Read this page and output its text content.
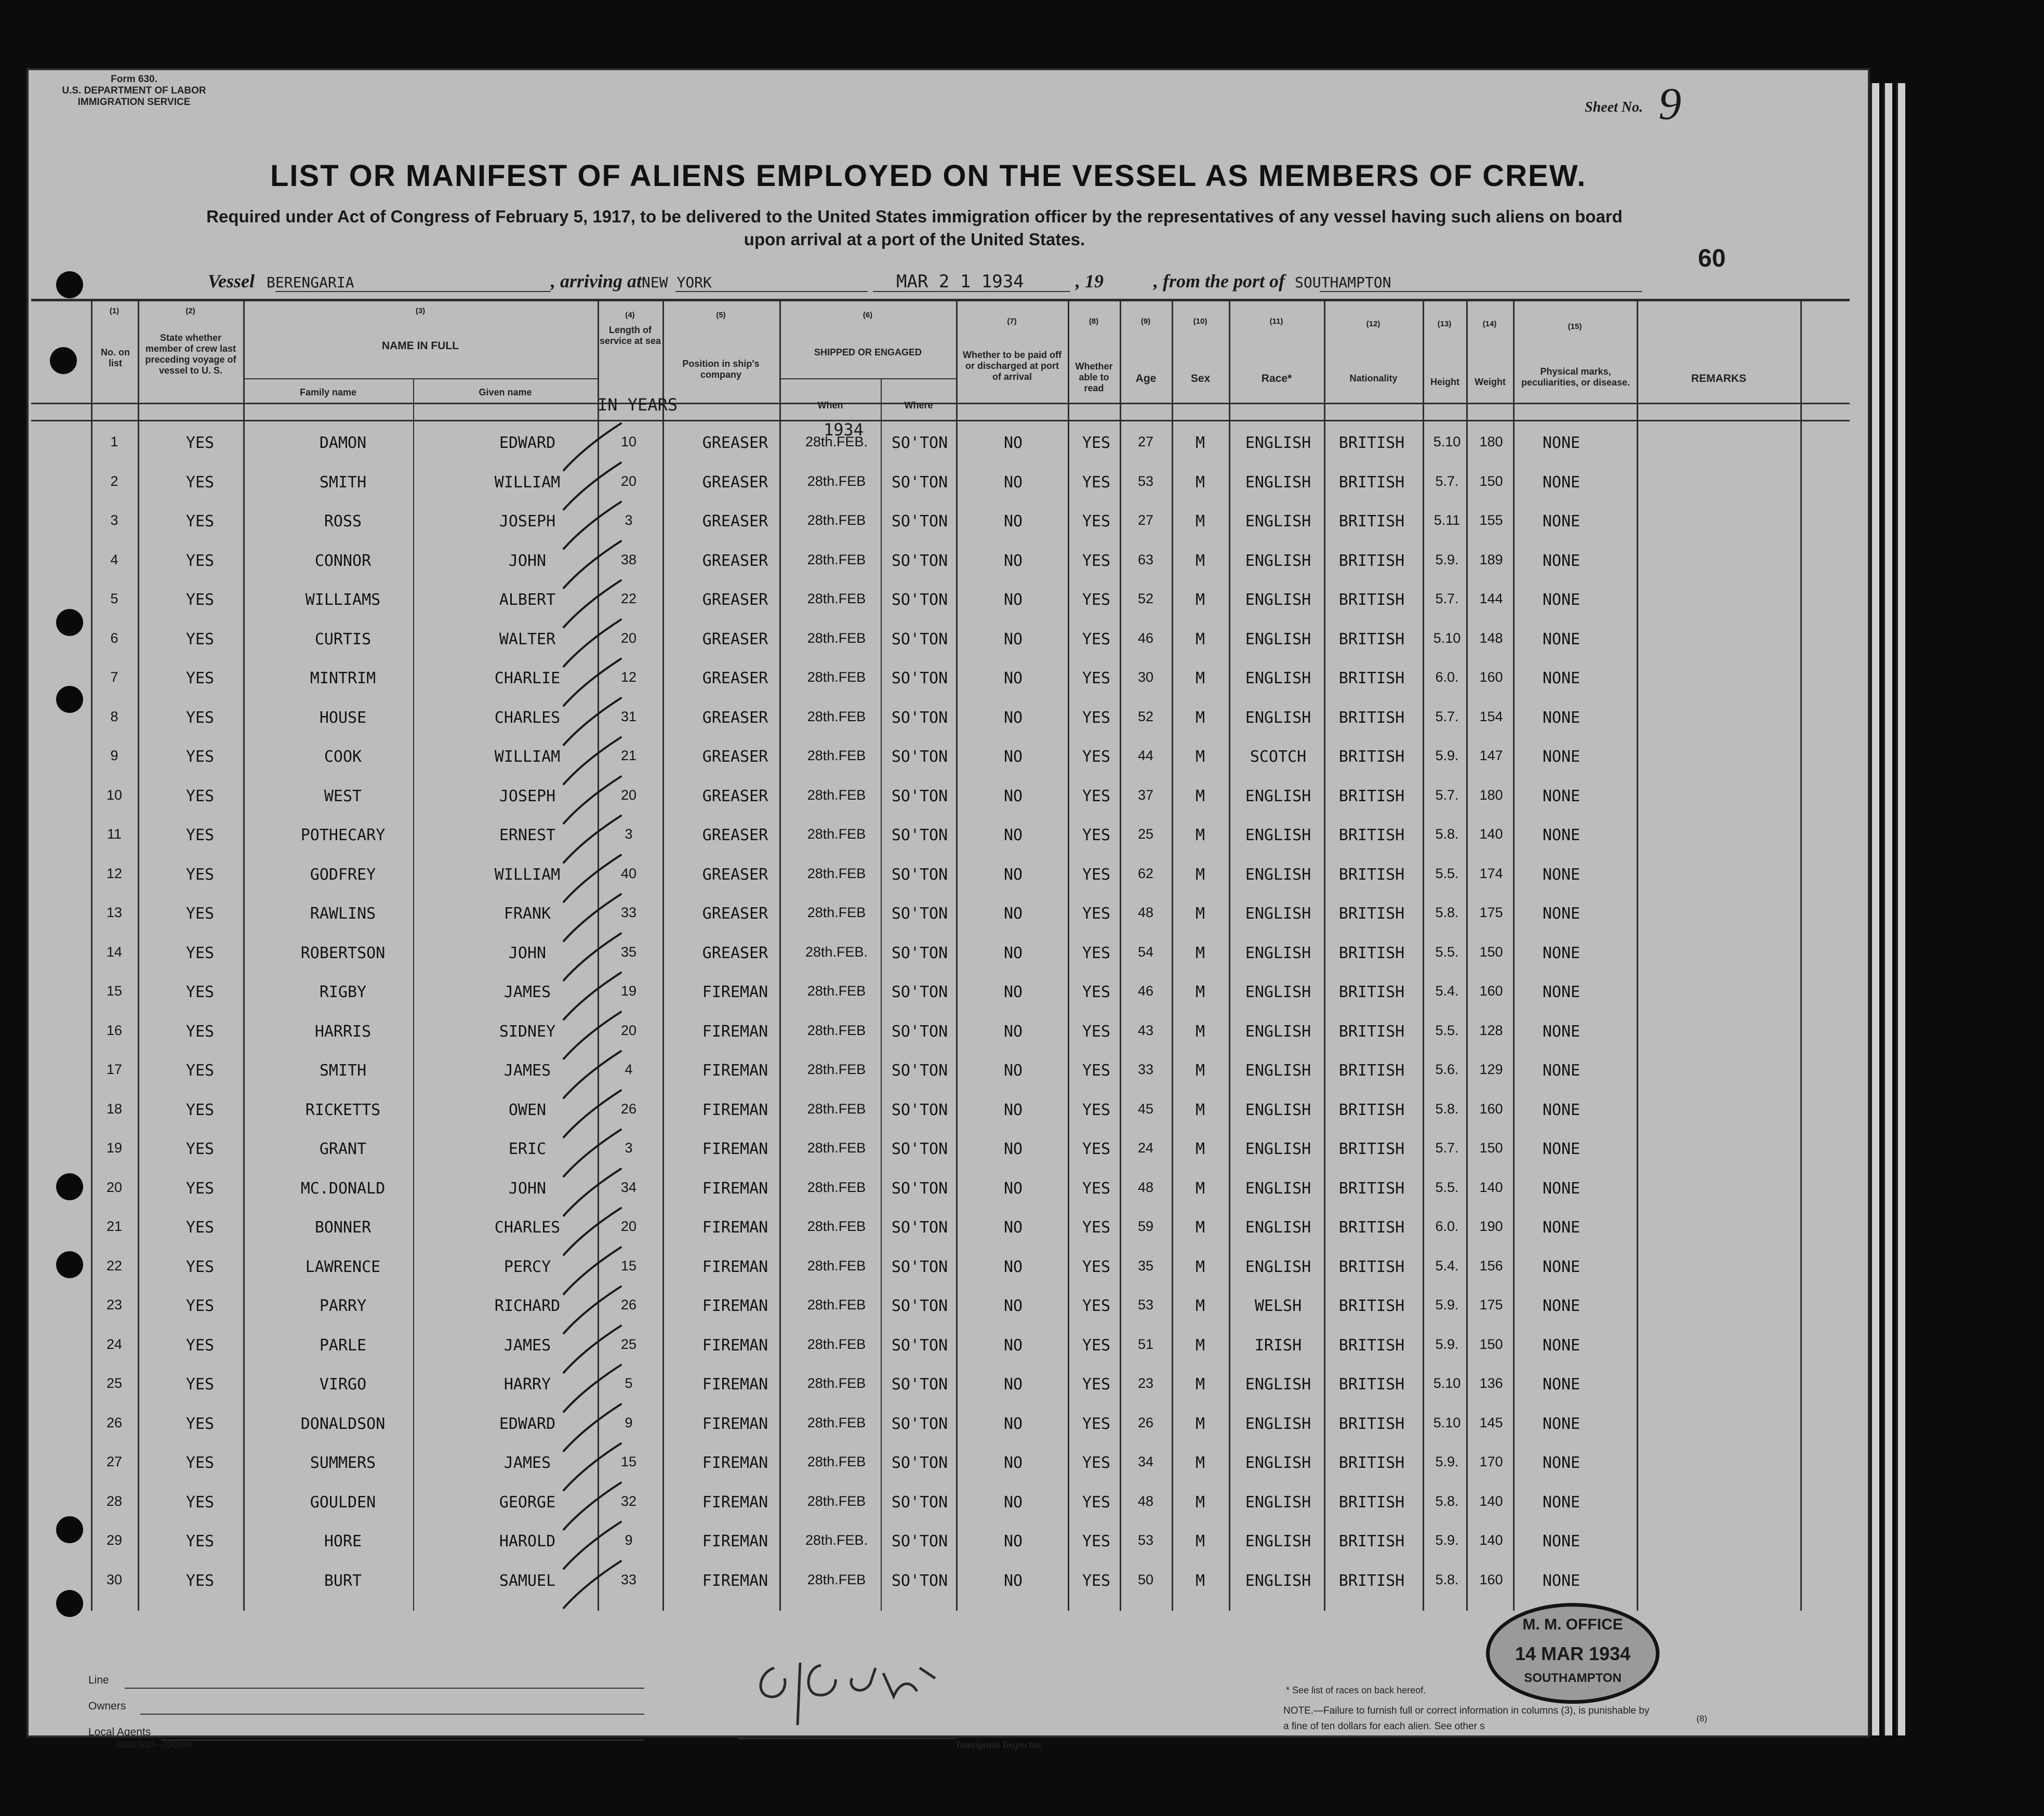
Form 630.
U.S. DEPARTMENT OF LABOR
IMMIGRATION SERVICE	Sheet No. 9
60
LIST OR MANIFEST OF ALIENS EMPLOYED ON THE VESSEL AS MEMBERS OF CREW.
Required under Act of Congress of February 5, 1917, to be delivered to the United States immigration officer by the representatives of any vessel having such aliens on board upon arrival at a port of the United States.
Vessel BERENGARIA	, arriving atNEW YORK	MAR 2 1 1934	, 19	, from the port of SOUTHAMPTON
(1)	(2)	(3)	(4)	(5)	(6)
(7)	(8)	(9)	(10)	(11)	(12)	(13)	(14)	(15)
No. on list
State whether member of crew last preceding voyage of vessel to U. S.
NAME IN FULL
Family name	Given name
Length of service at sea
Position in ship's company
SHIPPED OR ENGAGED
When	Where
Whether to be paid off or discharged at port of arrival
Whether able to read
Age	Sex	Race*	Nationality	Height	Weight
Physical marks, peculiarities, or disease.	REMARKS
IN YEARS
1934
1	YES	DAMON	EDWARD	10	GREASER	28th.FEB.	SO'TON	NO	YES	27	M	ENGLISH	BRITISH	5.10	180	NONE
2	YES	SMITH	WILLIAM	20	GREASER	28th.FEB	SO'TON	NO	YES	53	M	ENGLISH	BRITISH	5.7.	150	NONE
3	YES	ROSS	JOSEPH	3	GREASER	28th.FEB	SO'TON	NO	YES	27	M	ENGLISH	BRITISH	5.11	155	NONE
4	YES	CONNOR	JOHN	38	GREASER	28th.FEB	SO'TON	NO	YES	63	M	ENGLISH	BRITISH	5.9.	189	NONE
5	YES	WILLIAMS	ALBERT	22	GREASER	28th.FEB	SO'TON	NO	YES	52	M	ENGLISH	BRITISH	5.7.	144	NONE
6	YES	CURTIS	WALTER	20	GREASER	28th.FEB	SO'TON	NO	YES	46	M	ENGLISH	BRITISH	5.10	148	NONE
7	YES	MINTRIM	CHARLIE	12	GREASER	28th.FEB	SO'TON	NO	YES	30	M	ENGLISH	BRITISH	6.0.	160	NONE
8	YES	HOUSE	CHARLES	31	GREASER	28th.FEB	SO'TON	NO	YES	52	M	ENGLISH	BRITISH	5.7.	154	NONE
9	YES	COOK	WILLIAM	21	GREASER	28th.FEB	SO'TON	NO	YES	44	M	SCOTCH	BRITISH	5.9.	147	NONE
10	YES	WEST	JOSEPH	20	GREASER	28th.FEB	SO'TON	NO	YES	37	M	ENGLISH	BRITISH	5.7.	180	NONE
11	YES	POTHECARY	ERNEST	3	GREASER	28th.FEB	SO'TON	NO	YES	25	M	ENGLISH	BRITISH	5.8.	140	NONE
12	YES	GODFREY	WILLIAM	40	GREASER	28th.FEB	SO'TON	NO	YES	62	M	ENGLISH	BRITISH	5.5.	174	NONE
13	YES	RAWLINS	FRANK	33	GREASER	28th.FEB	SO'TON	NO	YES	48	M	ENGLISH	BRITISH	5.8.	175	NONE
14	YES	ROBERTSON	JOHN	35	GREASER	28th.FEB.	SO'TON	NO	YES	54	M	ENGLISH	BRITISH	5.5.	150	NONE
15	YES	RIGBY	JAMES	19	FIREMAN	28th.FEB	SO'TON	NO	YES	46	M	ENGLISH	BRITISH	5.4.	160	NONE
16	YES	HARRIS	SIDNEY	20	FIREMAN	28th.FEB	SO'TON	NO	YES	43	M	ENGLISH	BRITISH	5.5.	128	NONE
17	YES	SMITH	JAMES	4	FIREMAN	28th.FEB	SO'TON	NO	YES	33	M	ENGLISH	BRITISH	5.6.	129	NONE
18	YES	RICKETTS	OWEN	26	FIREMAN	28th.FEB	SO'TON	NO	YES	45	M	ENGLISH	BRITISH	5.8.	160	NONE
19	YES	GRANT	ERIC	3	FIREMAN	28th.FEB	SO'TON	NO	YES	24	M	ENGLISH	BRITISH	5.7.	150	NONE
20	YES	MC.DONALD	JOHN	34	FIREMAN	28th.FEB	SO'TON	NO	YES	48	M	ENGLISH	BRITISH	5.5.	140	NONE
21	YES	BONNER	CHARLES	20	FIREMAN	28th.FEB	SO'TON	NO	YES	59	M	ENGLISH	BRITISH	6.0.	190	NONE
22	YES	LAWRENCE	PERCY	15	FIREMAN	28th.FEB	SO'TON	NO	YES	35	M	ENGLISH	BRITISH	5.4.	156	NONE
23	YES	PARRY	RICHARD	26	FIREMAN	28th.FEB	SO'TON	NO	YES	53	M	WELSH	BRITISH	5.9.	175	NONE
24	YES	PARLE	JAMES	25	FIREMAN	28th.FEB	SO'TON	NO	YES	51	M	IRISH	BRITISH	5.9.	150	NONE
25	YES	VIRGO	HARRY	5	FIREMAN	28th.FEB	SO'TON	NO	YES	23	M	ENGLISH	BRITISH	5.10	136	NONE
26	YES	DONALDSON	EDWARD	9	FIREMAN	28th.FEB	SO'TON	NO	YES	26	M	ENGLISH	BRITISH	5.10	145	NONE
27	YES	SUMMERS	JAMES	15	FIREMAN	28th.FEB	SO'TON	NO	YES	34	M	ENGLISH	BRITISH	5.9.	170	NONE
28	YES	GOULDEN	GEORGE	32	FIREMAN	28th.FEB	SO'TON	NO	YES	48	M	ENGLISH	BRITISH	5.8.	140	NONE
29	YES	HORE	HAROLD	9	FIREMAN	28th.FEB.	SO'TON	NO	YES	53	M	ENGLISH	BRITISH	5.9.	140	NONE
30	YES	BURT	SAMUEL	33	FIREMAN	28th.FEB	SO'TON	NO	YES	50	M	ENGLISH	BRITISH	5.8.	160	NONE
Line
Owners
Local Agents
6000 5/33—20/2846	Immigrant Inspector.
* See list of races on back hereof.
NOTE.—Failure to furnish full or correct information in columns (3), is punishable by a fine of ten dollars for each alien. See other s
(8)
M. M. OFFICE
14 MAR 1934
SOUTHAMPTON
